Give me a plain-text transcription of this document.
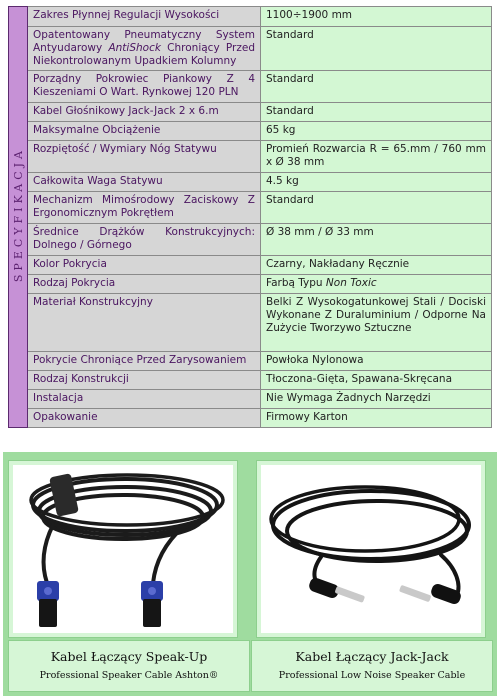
SPECYFIKACJA	Zakres Płynnej Regulacji Wysokości	1100÷1900 mm
	Opatentowany Pneumatyczny System Antyudarowy AntiShock Chroniący Przed Niekontrolowanym Upadkiem Kolumny	Standard
	Porządny Pokrowiec Piankowy Z 4 Kieszeniami O Wart. Rynkowej 120 PLN	Standard
	Kabel Głośnikowy Jack-Jack 2 x 6.m	Standard
	Maksymalne Obciążenie	65 kg
	Rozpiętość / Wymiary Nóg Statywu	Promień Rozwarcia R = 65.mm / 760 mm x Ø 38 mm
	Całkowita Waga Statywu	4.5 kg
	Mechanizm Mimośrodowy Zaciskowy Z Ergonomicznym Pokrętłem	Standard
	Średnice Drążków Konstrukcyjnych: Dolnego / Górnego	Ø 38 mm / Ø 33 mm
	Kolor Pokrycia	Czarny, Nakładany Ręcznie
	Rodzaj Pokrycia	Farbą Typu Non Toxic
	Materiał Konstrukcyjny	Belki Z Wysokogatunkowej Stali / Dociski Wykonane Z Duraluminium / Odporne Na Zużycie Tworzywo Sztuczne
	Pokrycie Chroniące Przed Zarysowaniem	Powłoka Nylonowa
	Rodzaj Konstrukcji	Tłoczona-Gięta, Spawana-Skręcana
	Instalacja	Nie Wymaga Żadnych Narzędzi
	Opakowanie	Firmowy Karton
Kabel Łączący Speak-Up
Professional Speaker Cable Ashton®
Kabel Łączący Jack-Jack
Professional Low Noise Speaker Cable
